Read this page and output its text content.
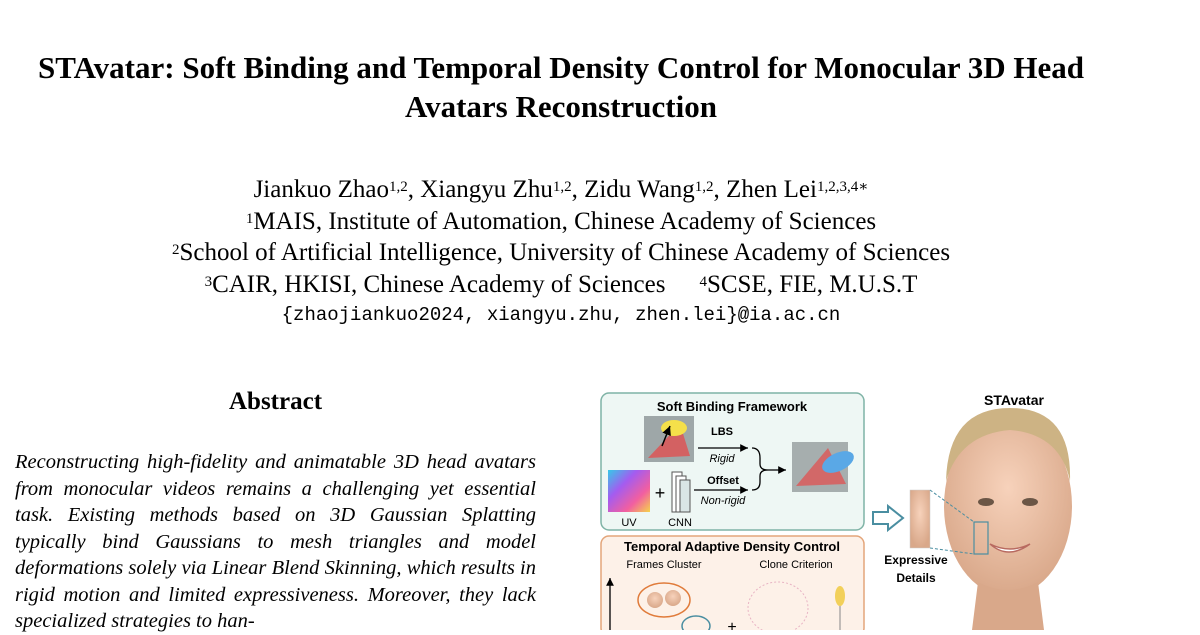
STAvatar: Soft Binding and Temporal Density Control for Monocular 3D Head
Avatars Reconstruction
Jiankuo Zhao$^{1,2}$, Xiangyu Zhu$^{1,2}$, Zidu Wang$^{1,2}$, Zhen Lei$^{1,2,3,4∗}$
$^1$MAIS, Institute of Automation, Chinese Academy of Sciences
$^2$School of Artificial Intelligence, University of Chinese Academy of Sciences
$^3$CAIR, HKISI, Chinese Academy of Sciences $^4$SCSE, FIE, M.U.S.T
{zhaojiankuo2024, xiangyu.zhu, zhen.lei}@ia.ac.cn
Abstract
Reconstructing high-fidelity and animatable 3D head avatars from monocular videos remains a challenging yet essential task. Existing methods based on 3D Gaussian Splatting typically bind Gaussians to mesh triangles and model deformations solely via Linear Blend Skinning, which results in rigid motion and limited expressiveness. Moreover, they lack specialized strategies to han-
Soft Binding Framework
UV
+
CNN
LBS
Rigid
Offset
Non-rigid
Temporal Adaptive Density Control
Frames Cluster	Clone Criterion
+
STAvatar
Expressive
Details
